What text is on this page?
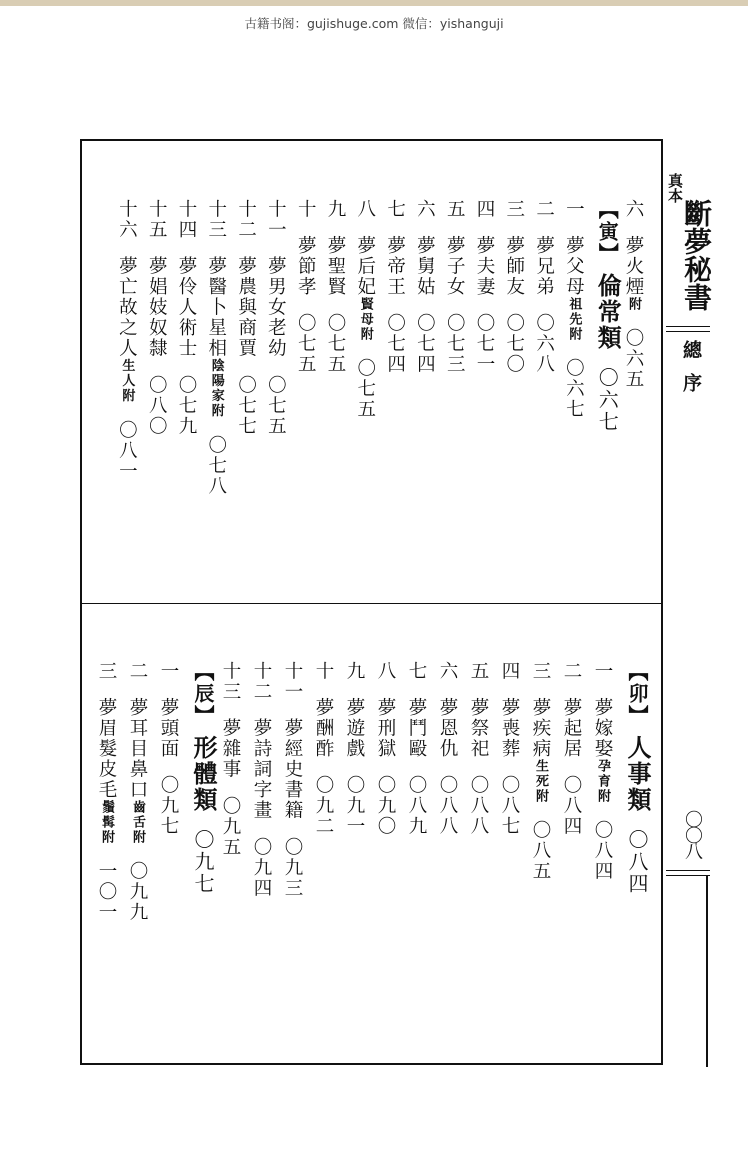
古籍书阁：gujishuge.com 微信：yishanguji
六夢火煙附〇六五
【寅】倫常類〇六七
一夢父母祖先附〇六七
二夢兄弟〇六八
三夢師友〇七〇
四夢夫妻〇七一
五夢子女〇七三
六夢舅姑〇七四
七夢帝王〇七四
八夢后妃賢母附〇七五
九夢聖賢〇七五
十夢節孝〇七五
十一夢男女老幼〇七五
十二夢農與商賈〇七七
十三夢醫卜星相陰陽家附〇七八
十四夢伶人術士〇七九
十五夢娼妓奴隸〇八〇
十六夢亡故之人生人附〇八一
【卯】人事類〇八四
一夢嫁娶孕育附〇八四
二夢起居〇八四
三夢疾病生死附〇八五
四夢喪葬〇八七
五夢祭祀〇八八
六夢恩仇〇八八
七夢鬥毆〇八九
八夢刑獄〇九〇
九夢遊戲〇九一
十夢酬酢〇九二
十一夢經史書籍〇九三
十二夢詩詞字畫〇九四
十三夢雜事〇九五
【辰】形體類〇九七
一夢頭面〇九七
二夢耳目鼻口齒舌附〇九九
三夢眉髮皮毛鬚髯附一〇一
真本
斷夢秘書
總序
〇〇八
